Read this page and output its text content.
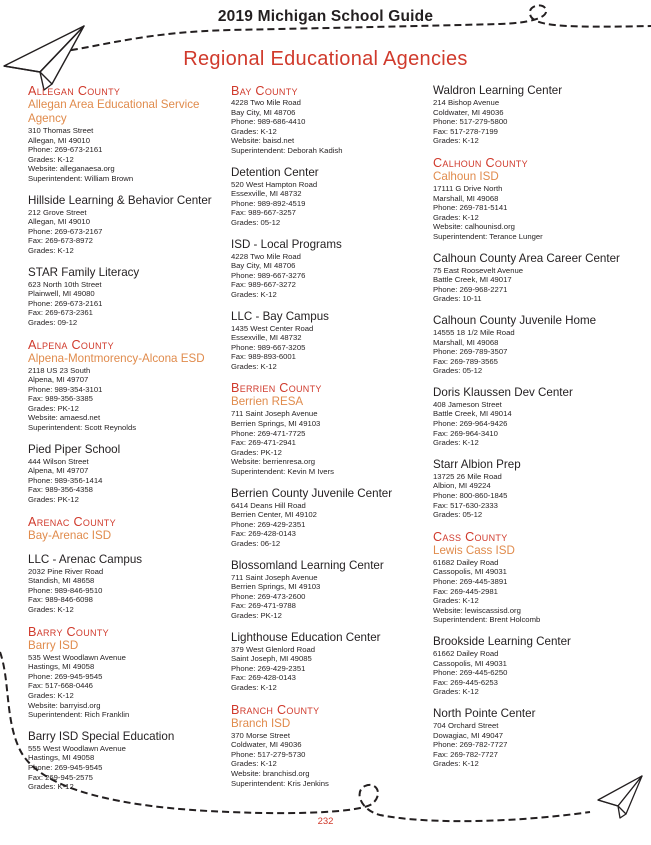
2019 Michigan School Guide
Regional Educational Agencies
Allegan County
Allegan Area Educational Service Agency
310 Thomas Street
Allegan, MI 49010
Phone: 269-673-2161
Grades: K-12
Website: alleganaesa.org
Superintendent: William Brown
Hillside Learning & Behavior Center
212 Grove Street
Allegan, MI 49010
Phone: 269-673-2167
Fax: 269-673-8972
Grades: K-12
STAR Family Literacy
623 North 10th Street
Plainwell, MI 49080
Phone: 269-673-2161
Fax: 269-673-2361
Grades: 09-12
Alpena County
Alpena-Montmorency-Alcona ESD
2118 US 23 South
Alpena, MI 49707
Phone: 989-354-3101
Fax: 989-356-3385
Grades: PK-12
Website: amaesd.net
Superintendent: Scott Reynolds
Pied Piper School
444 Wilson Street
Alpena, MI 49707
Phone: 989-356-1414
Fax: 989-356-4358
Grades: PK-12
Arenac County
Bay-Arenac ISD
LLC - Arenac Campus
2032 Pine River Road
Standish, MI 48658
Phone: 989-846-9510
Fax: 989-846-6098
Grades: K-12
Barry County
Barry ISD
535 West Woodlawn Avenue
Hastings, MI 49058
Phone: 269-945-9545
Fax: 517-668-0446
Grades: K-12
Website: barryisd.org
Superintendent: Rich Franklin
Barry ISD Special Education
555 West Woodlawn Avenue
Hastings, MI 49058
Phone: 269-945-9545
Fax: 269-945-2575
Grades: K-12
Bay County
4228 Two Mile Road
Bay City, MI 48706
Phone: 989-686-4410
Grades: K-12
Website: baisd.net
Superintendent: Deborah Kadish
Detention Center
520 West Hampton Road
Essexville, MI 48732
Phone: 989-892-4519
Fax: 989-667-3257
Grades: 05-12
ISD - Local Programs
4228 Two Mile Road
Bay City, MI 48706
Phone: 989-667-3276
Fax: 989-667-3272
Grades: K-12
LLC - Bay Campus
1435 West Center Road
Essexville, MI 48732
Phone: 989-667-3205
Fax: 989-893-6001
Grades: K-12
Berrien County
Berrien RESA
711 Saint Joseph Avenue
Berrien Springs, MI 49103
Phone: 269-471-7725
Fax: 269-471-2941
Grades: PK-12
Website: berrienresa.org
Superintendent: Kevin M Ivers
Berrien County Juvenile Center
6414 Deans Hill Road
Berrien Center, MI 49102
Phone: 269-429-2351
Fax: 269-428-0143
Grades: 06-12
Blossomland Learning Center
711 Saint Joseph Avenue
Berrien Springs, MI 49103
Phone: 269-473-2600
Fax: 269-471-9788
Grades: PK-12
Lighthouse Education Center
379 West Glenlord Road
Saint Joseph, MI 49085
Phone: 269-429-2351
Fax: 269-428-0143
Grades: K-12
Branch County
Branch ISD
370 Morse Street
Coldwater, MI 49036
Phone: 517-279-5730
Grades: K-12
Website: branchisd.org
Superintendent: Kris Jenkins
Waldron Learning Center
214 Bishop Avenue
Coldwater, MI 49036
Phone: 517-279-5800
Fax: 517-278-7199
Grades: K-12
Calhoun County
Calhoun ISD
17111 G Drive North
Marshall, MI 49068
Phone: 269-781-5141
Grades: K-12
Website: calhounisd.org
Superintendent: Terance Lunger
Calhoun County Area Career Center
75 East Roosevelt Avenue
Battle Creek, MI 49017
Phone: 269-968-2271
Grades: 10-11
Calhoun County Juvenile Home
14555 18 1/2 Mile Road
Marshall, MI 49068
Phone: 269-789-3507
Fax: 269-789-3565
Grades: 05-12
Doris Klaussen Dev Center
408 Jameson Street
Battle Creek, MI 49014
Phone: 269-964-9426
Fax: 269-964-3410
Grades: K-12
Starr Albion Prep
13725 26 Mile Road
Albion, MI 49224
Phone: 800-860-1845
Fax: 517-630-2333
Grades: 05-12
Cass County
Lewis Cass ISD
61682 Dailey Road
Cassopolis, MI 49031
Phone: 269-445-3891
Fax: 269-445-2981
Grades: K-12
Website: lewiscassisd.org
Superintendent: Brent Holcomb
Brookside Learning Center
61662 Dailey Road
Cassopolis, MI 49031
Phone: 269-445-6250
Fax: 269-445-6253
Grades: K-12
North Pointe Center
704 Orchard Street
Dowagiac, MI 49047
Phone: 269-782-7727
Fax: 269-782-7727
Grades: K-12
232
